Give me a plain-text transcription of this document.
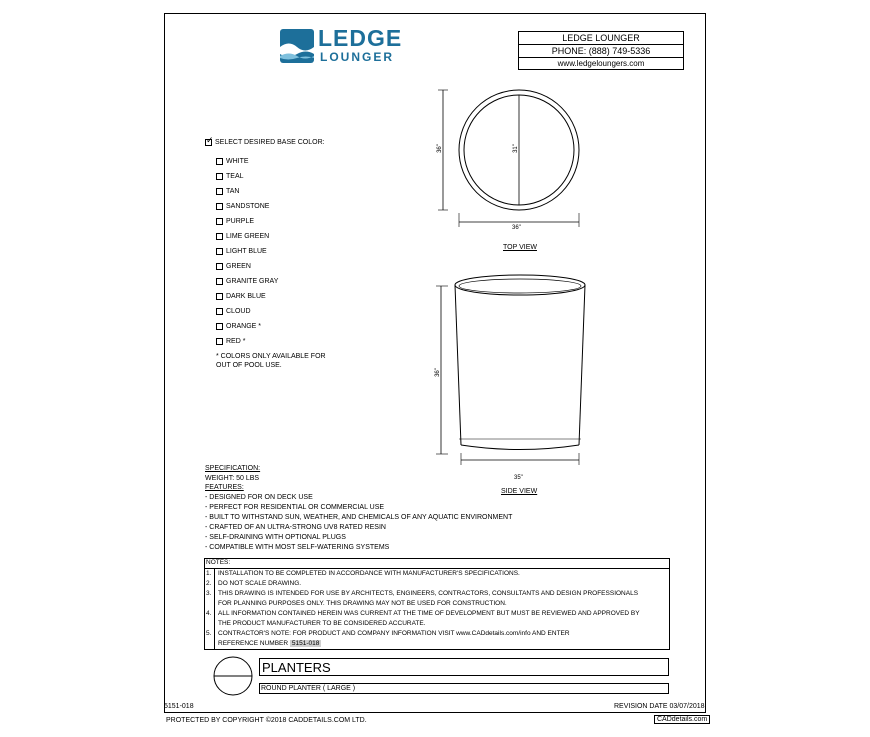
LEDGE
LOUNGER
LEDGE LOUNGER
PHONE: (888) 749-5336
www.ledgeloungers.com
✓ SELECT DESIRED BASE COLOR:
WHITE
TEAL
TAN
SANDSTONE
PURPLE
LIME GREEN
LIGHT BLUE
GREEN
GRANITE GRAY
DARK BLUE
CLOUD
ORANGE *
RED *
* COLORS ONLY AVAILABLE FOR
OUT OF POOL USE.
36"	31"
36"
TOP VIEW
36"
35"
SIDE VIEW
SPECIFICATION:
WEIGHT: 50 LBS
FEATURES:
- DESIGNED FOR ON DECK USE
- PERFECT FOR RESIDENTIAL OR COMMERCIAL USE
- BUILT TO WITHSTAND SUN, WEATHER, AND CHEMICALS OF ANY AQUATIC ENVIRONMENT
- CRAFTED OF AN ULTRA-STRONG UV8 RATED RESIN
- SELF-DRAINING WITH OPTIONAL PLUGS
- COMPATIBLE WITH MOST SELF-WATERING SYSTEMS
NOTES:
1. INSTALLATION TO BE COMPLETED IN ACCORDANCE WITH MANUFACTURER'S SPECIFICATIONS.
2. DO NOT SCALE DRAWING.
3. THIS DRAWING IS INTENDED FOR USE BY ARCHITECTS, ENGINEERS, CONTRACTORS, CONSULTANTS AND DESIGN PROFESSIONALS
FOR PLANNING PURPOSES ONLY. THIS DRAWING MAY NOT BE USED FOR CONSTRUCTION.
4. ALL INFORMATION CONTAINED HEREIN WAS CURRENT AT THE TIME OF DEVELOPMENT BUT MUST BE REVIEWED AND APPROVED BY
THE PRODUCT MANUFACTURER TO BE CONSIDERED ACCURATE.
5. CONTRACTOR'S NOTE: FOR PRODUCT AND COMPANY INFORMATION VISIT www.CADdetails.com/info AND ENTER
REFERENCE NUMBER 5151-018
PLANTERS
ROUND PLANTER ( LARGE )
5151-018	REVISION DATE 03/07/2018
PROTECTED BY COPYRIGHT ©2018 CADDETAILS.COM LTD.	CADdetails.com
